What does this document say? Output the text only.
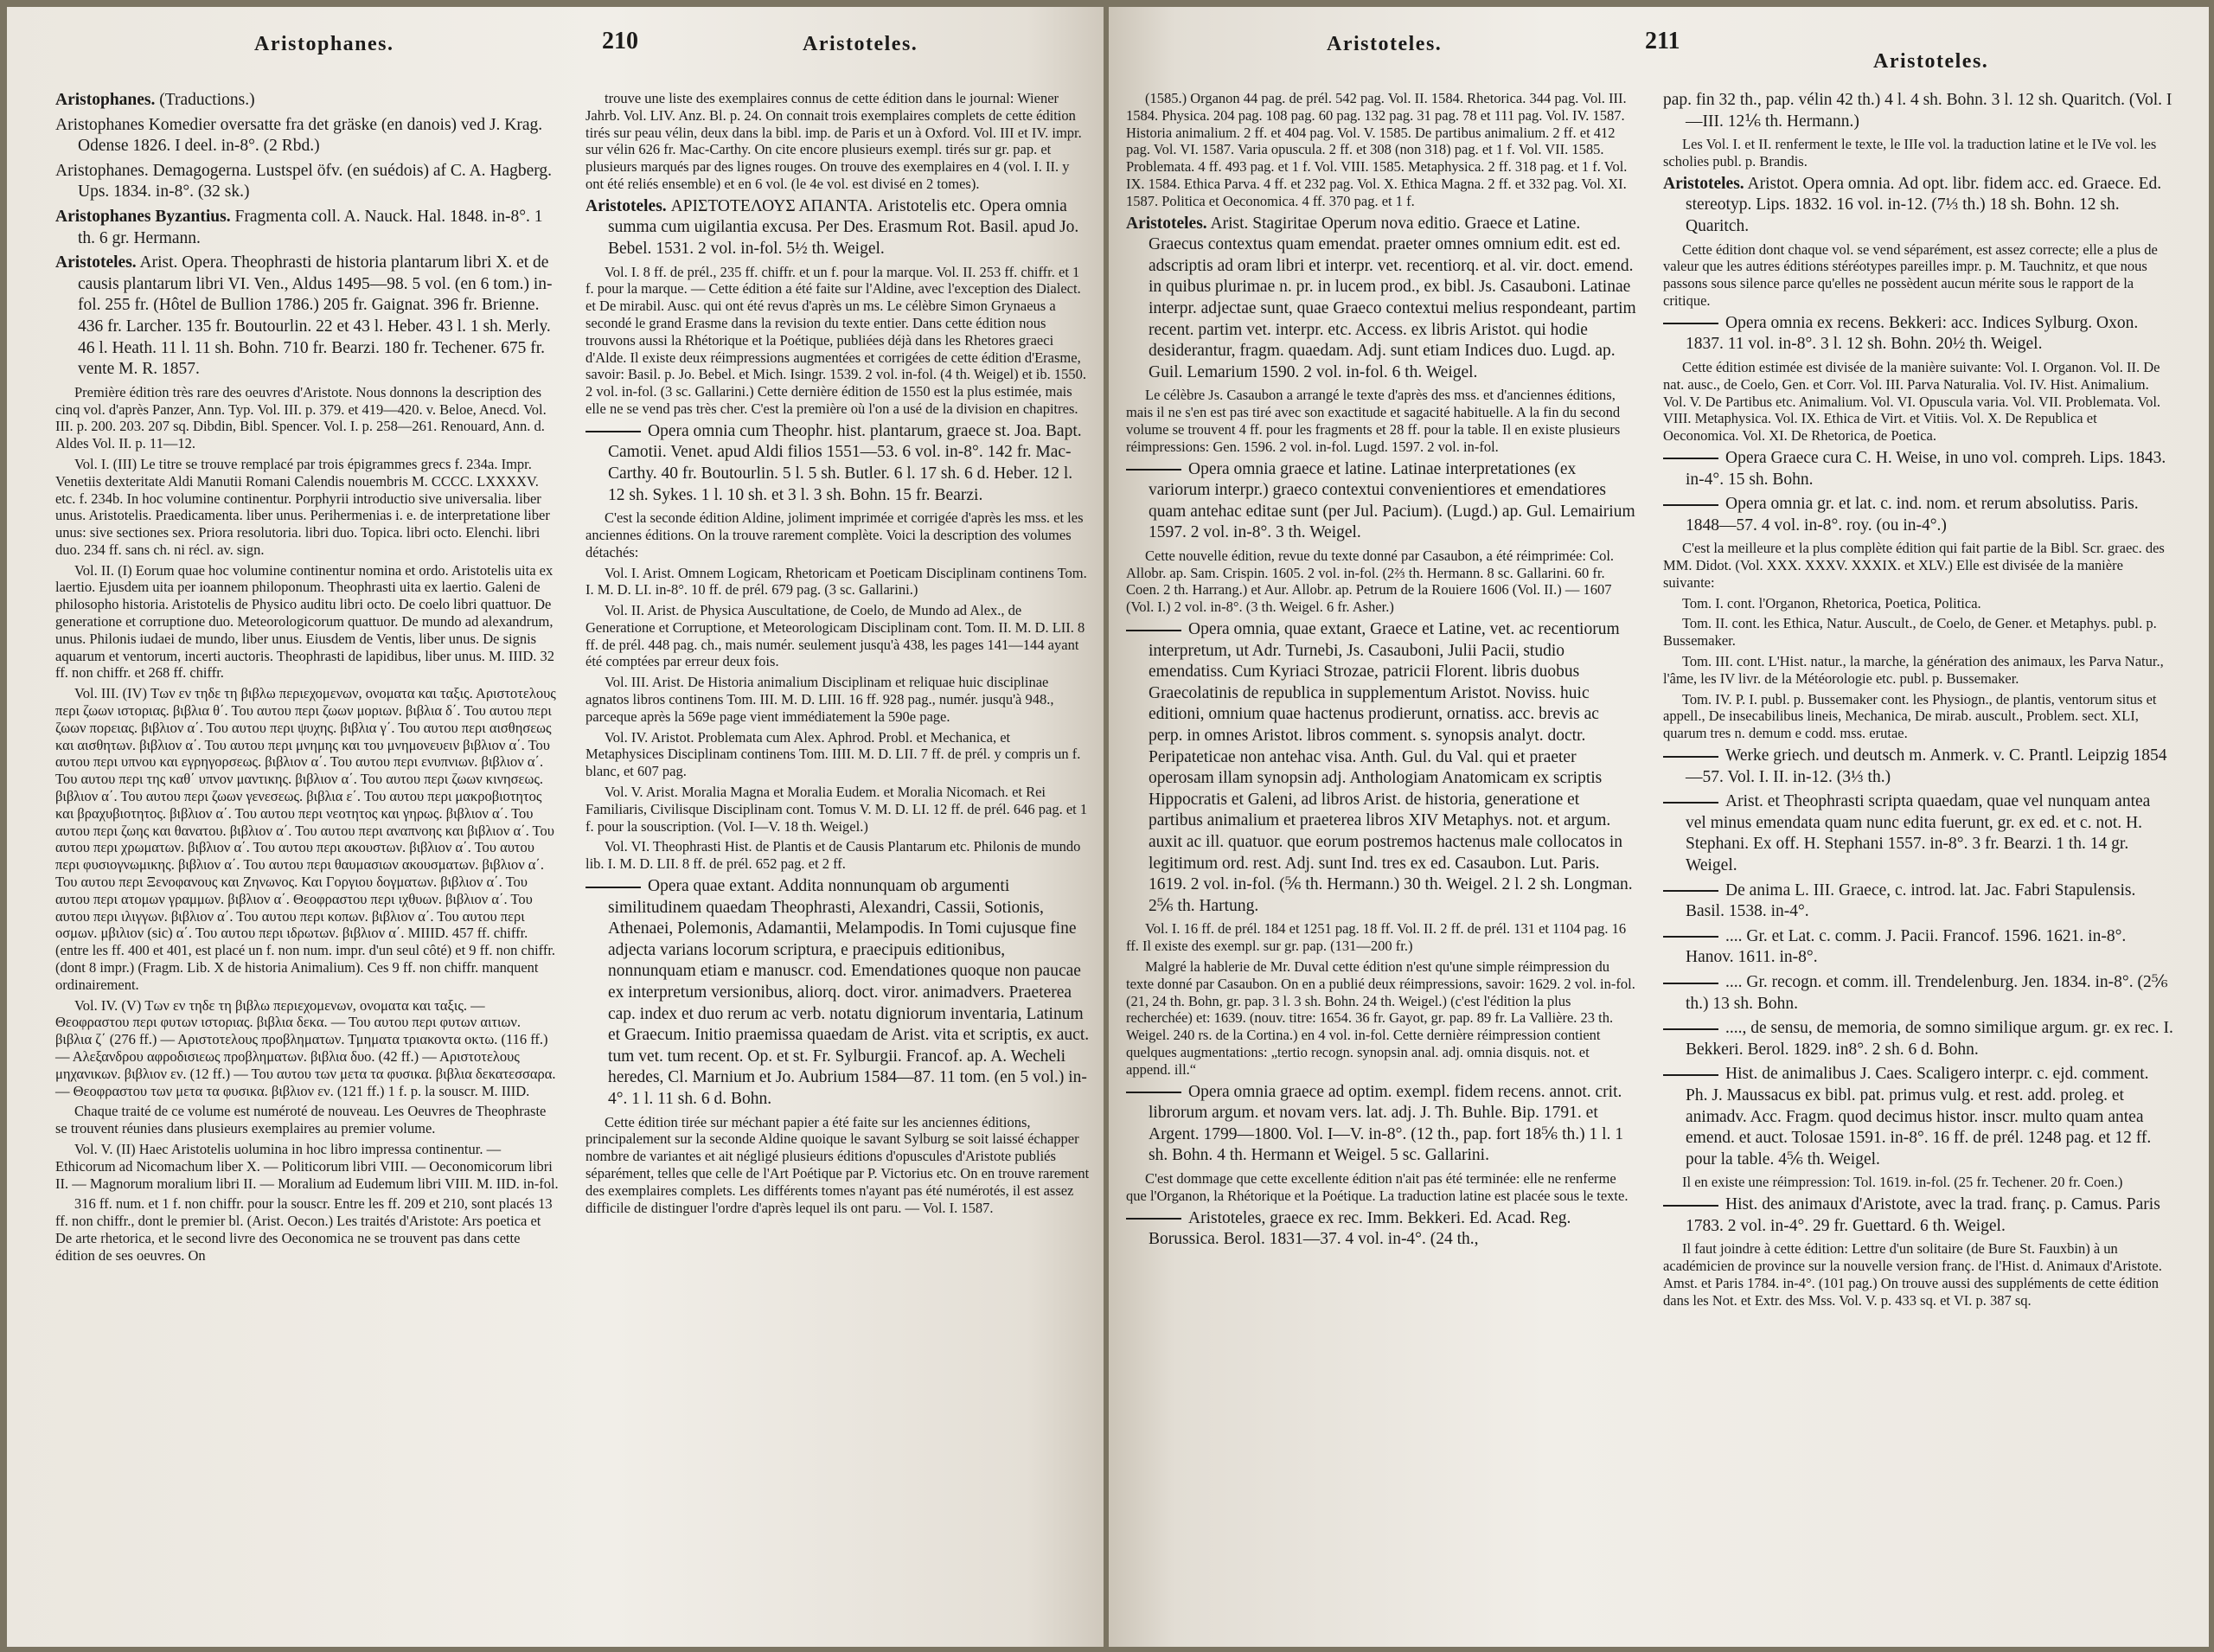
Aristophanes.	210	Aristoteles.

Aristophanes. (Traductions.)

Aristophanes Komedier oversatte fra det gräske (en danois) ved J. Krag. Odense 1826. I deel. in-8°. (2 Rbd.)

Aristophanes. Demagogerna. Lustspel öfv. (en suédois) af C. A. Hagberg. Ups. 1834. in-8°. (32 sk.)

Aristophanes Byzantius. Fragmenta coll. A. Nauck. Hal. 1848. in-8°. 1 th. 6 gr. Hermann.

Aristoteles. Arist. Opera. Theophrasti de historia plantarum libri X. et de causis plantarum libri VI. Ven., Aldus 1495—98. 5 vol. (en 6 tom.) in-fol. 255 fr. (Hôtel de Bullion 1786.) 205 fr. Gaignat. 396 fr. Brienne. 436 fr. Larcher. 135 fr. Boutourlin. 22 et 43 l. Heber. 43 l. 1 sh. Merly. 46 l. Heath. 11 l. 11 sh. Bohn. 710 fr. Bearzi. 180 fr. Techener. 675 fr. vente M. R. 1857.

Première édition très rare des oeuvres d'Aristote. Nous donnons la description des cinq vol. d'après Panzer, Ann. Typ. Vol. III. p. 379. et 419—420. v. Beloe, Anecd. Vol. III. p. 200. 203. 207 sq. Dibdin, Bibl. Spencer. Vol. I. p. 258—261. Renouard, Ann. d. Aldes Vol. II. p. 11—12.

Vol. I. (III) Le titre se trouve remplacé par trois épigrammes grecs f. 234a. Impr. Venetiis dexteritate Aldi Manutii Romani Calendis nouembris M. CCCC. LXXXXV. etc. f. 234b. In hoc volumine continentur. Porphyrii introductio sive universalia. liber unus. Aristotelis. Praedicamenta. liber unus. Perihermenias i. e. de interpretatione liber unus: sive sectiones sex. Priora resolutoria. libri duo. Topica. libri octo. Elenchi. libri duo. 234 ff. sans ch. ni récl. av. sign.

Vol. II. (I) Eorum quae hoc volumine continentur nomina et ordo. Aristotelis uita ex laertio. Ejusdem uita per ioannem philoponum. Theophrasti uita ex laertio. Galeni de philosopho historia. Aristotelis de Physico auditu libri octo. De coelo libri quattuor. De generatione et corruptione duo. Meteorologicorum quattuor. De mundo ad alexandrum, unus. Philonis iudaei de mundo, liber unus. Eiusdem de Ventis, liber unus. De signis aquarum et ventorum, incerti auctoris. Theophrasti de lapidibus, liber unus. M. IIID. 32 ff. non chiffr. et 268 ff. chiffr.

Vol. III. (IV) Των εν τηδε τη βιβλω περιεχομενων, ονοματα και ταξις. Αριστοτελους περι ζωων ιστοριας. βιβλια θ΄. Του αυτου περι ζωων μοριων. βιβλια δ΄. Του αυτου περι ζωων πορειας. βιβλιον α΄. Του αυτου περι ψυχης. βιβλια γ΄. Του αυτου περι αισθησεως και αισθητων. βιβλιον α΄. Του αυτου περι μνημης και του μνημονευειν βιβλιον α΄. Του αυτου περι υπνου και εγρηγορσεως. βιβλιον α΄. Του αυτου περι ενυπνιων. βιβλιον α΄. Του αυτου περι της καθ΄ υπνον μαντικης. βιβλιον α΄. Του αυτου περι ζωων κινησεως. βιβλιον α΄. Του αυτου περι ζωων γενεσεως. βιβλια ε΄. Του αυτου περι μακροβιοτητος και βραχυβιοτητος. βιβλιον α΄. Του αυτου περι νεοτητος και γηρως. βιβλιον α΄. Του αυτου περι ζωης και θανατου. βιβλιον α΄. Του αυτου περι αναπνοης και βιβλιον α΄. Του αυτου περι χρωματων. βιβλιον α΄. Του αυτου περι ακουστων. βιβλιον α΄. Του αυτου περι φυσιογνωμικης. βιβλιον α΄. Του αυτου περι θαυμασιων ακουσματων. βιβλιον α΄. Του αυτου περι Ξενοφανους και Ζηνωνος. Και Γοργιου δογματων. βιβλιον α΄. Του αυτου περι ατομων γραμμων. βιβλιον α΄. Θεοφραστου περι ιχθυων. βιβλιον α΄. Του αυτου περι ιλιγγων. βιβλιον α΄. Του αυτου περι κοπων. βιβλιον α΄. Του αυτου περι οσμων. μβιλιον (sic) α΄. Του αυτου περι ιδρωτων. βιβλιον α΄. MIIID. 457 ff. chiffr. (entre les ff. 400 et 401, est placé un f. non num. impr. d'un seul côté) et 9 ff. non chiffr. (dont 8 impr.) (Fragm. Lib. X de historia Animalium). Ces 9 ff. non chiffr. manquent ordinairement.

Vol. IV. (V) Των εν τηδε τη βιβλω περιεχομενων, ονοματα και ταξις. — Θεοφραστου περι φυτων ιστοριας. βιβλια δεκα. — Του αυτου περι φυτων αιτιων. βιβλια ζ΄ (276 ff.) — Αριστοτελους προβληματων. Τμηματα τριακοντα οκτω. (116 ff.) — Αλεξανδρου αφροδισιεως προβληματων. βιβλια δυο. (42 ff.) — Αριστοτελους μηχανικων. βιβλιον εν. (12 ff.) — Του αυτου των μετα τα φυσικα. βιβλια δεκατεσσαρα. — Θεοφραστου των μετα τα φυσικα. βιβλιον εν. (121 ff.) 1 f. p. la souscr. M. IIID.

Chaque traité de ce volume est numéroté de nouveau. Les Oeuvres de Theophraste se trouvent réunies dans plusieurs exemplaires au premier volume.

Vol. V. (II) Haec Aristotelis uolumina in hoc libro impressa continentur. — Ethicorum ad Nicomachum liber X. — Politicorum libri VIII. — Oeconomicorum libri II. — Magnorum moralium libri II. — Moralium ad Eudemum libri VIII. M. IID. in-fol.

316 ff. num. et 1 f. non chiffr. pour la souscr. Entre les ff. 209 et 210, sont placés 13 ff. non chiffr., dont le premier bl. (Arist. Oecon.) Les traités d'Aristote: Ars poetica et De arte rhetorica, et le second livre des Oeconomica ne se trouvent pas dans cette édition de ses oeuvres. On

trouve une liste des exemplaires connus de cette édition dans le journal: Wiener Jahrb. Vol. LIV. Anz. Bl. p. 24. On connait trois exemplaires complets de cette édition tirés sur peau vélin, deux dans la bibl. imp. de Paris et un à Oxford. Vol. III et IV. impr. sur vélin 626 fr. Mac-Carthy. On cite encore plusieurs exempl. tirés sur gr. pap. et plusieurs marqués par des lignes rouges. On trouve des exemplaires en 4 (vol. I. II. y ont été reliés ensemble) et en 6 vol. (le 4e vol. est divisé en 2 tomes).

Aristoteles. ΑΡΙΣΤΟΤΕΛΟΥΣ ΑΠΑΝΤΑ. Aristotelis etc. Opera omnia summa cum uigilantia excusa. Per Des. Erasmum Rot. Basil. apud Jo. Bebel. 1531. 2 vol. in-fol. 5½ th. Weigel.

Vol. I. 8 ff. de prél., 235 ff. chiffr. et un f. pour la marque. Vol. II. 253 ff. chiffr. et 1 f. pour la marque. — Cette édition a été faite sur l'Aldine, avec l'exception des Dialect. et De mirabil. Ausc. qui ont été revus d'après un ms. Le célèbre Simon Grynaeus a secondé le grand Erasme dans la revision du texte entier. Dans cette édition nous trouvons aussi la Rhétorique et la Poétique, publiées déjà dans les Rhetores graeci d'Alde. Il existe deux réimpressions augmentées et corrigées de cette édition d'Erasme, savoir: Basil. p. Jo. Bebel. et Mich. Isingr. 1539. 2 vol. in-fol. (4 th. Weigel) et ib. 1550. 2 vol. in-fol. (3 sc. Gallarini.) Cette dernière édition de 1550 est la plus estimée, mais elle ne se vend pas très cher. C'est la première où l'on a usé de la division en chapitres.

Opera omnia cum Theophr. hist. plantarum, graece st. Joa. Bapt. Camotii. Venet. apud Aldi filios 1551—53. 6 vol. in-8°. 142 fr. Mac-Carthy. 40 fr. Boutourlin. 5 l. 5 sh. Butler. 6 l. 17 sh. 6 d. Heber. 12 l. 12 sh. Sykes. 1 l. 10 sh. et 3 l. 3 sh. Bohn. 15 fr. Bearzi.

C'est la seconde édition Aldine, joliment imprimée et corrigée d'après les mss. et les anciennes éditions. On la trouve rarement complète. Voici la description des volumes détachés:

Vol. I. Arist. Omnem Logicam, Rhetoricam et Poeticam Disciplinam continens Tom. I. M. D. LI. in-8°. 10 ff. de prél. 679 pag. (3 sc. Gallarini.)

Vol. II. Arist. de Physica Auscultatione, de Coelo, de Mundo ad Alex., de Generatione et Corruptione, et Meteorologicam Disciplinam cont. Tom. II. M. D. LII. 8 ff. de prél. 448 pag. ch., mais numér. seulement jusqu'à 438, les pages 141—144 ayant été comptées par erreur deux fois.

Vol. III. Arist. De Historia animalium Disciplinam et reliquae huic disciplinae agnatos libros continens Tom. III. M. D. LIII. 16 ff. 928 pag., numér. jusqu'à 948., parceque après la 569e page vient immédiatement la 590e page.

Vol. IV. Aristot. Problemata cum Alex. Aphrod. Probl. et Mechanica, et Metaphysices Disciplinam continens Tom. IIII. M. D. LII. 7 ff. de prél. y compris un f. blanc, et 607 pag.

Vol. V. Arist. Moralia Magna et Moralia Eudem. et Moralia Nicomach. et Rei Familiaris, Civilisque Disciplinam cont. Tomus V. M. D. LI. 12 ff. de prél. 646 pag. et 1 f. pour la souscription. (Vol. I—V. 18 th. Weigel.)

Vol. VI. Theophrasti Hist. de Plantis et de Causis Plantarum etc. Philonis de mundo lib. I. M. D. LII. 8 ff. de prél. 652 pag. et 2 ff.

Opera quae extant. Addita nonnunquam ob argumenti similitudinem quaedam Theophrasti, Alexandri, Cassii, Sotionis, Athenaei, Polemonis, Adamantii, Melampodis. In Tomi cujusque fine adjecta varians locorum scriptura, e praecipuis editionibus, nonnunquam etiam e manuscr. cod. Emendationes quoque non paucae ex interpretum versionibus, aliorq. doct. viror. animadvers. Praeterea cap. index et duo rerum ac verb. notatu digniorum inventaria, Latinum et Graecum. Initio praemissa quaedam de Arist. vita et scriptis, ex auct. tum vet. tum recent. Op. et st. Fr. Sylburgii. Francof. ap. A. Wecheli heredes, Cl. Marnium et Jo. Aubrium 1584—87. 11 tom. (en 5 vol.) in-4°. 1 l. 11 sh. 6 d. Bohn.

Cette édition tirée sur méchant papier a été faite sur les anciennes éditions, principalement sur la seconde Aldine quoique le savant Sylburg se soit laissé échapper nombre de variantes et ait négligé plusieurs éditions d'opuscules d'Aristote publiés séparément, telles que celle de l'Art Poétique par P. Victorius etc. On en trouve rarement des exemplaires complets. Les différents tomes n'ayant pas été numérotés, il est assez difficile de distinguer l'ordre d'après lequel ils ont paru. — Vol. I. 1587.

Aristoteles.	211
Aristoteles.

(1585.) Organon 44 pag. de prél. 542 pag. Vol. II. 1584. Rhetorica. 344 pag. Vol. III. 1584. Physica. 204 pag. 108 pag. 60 pag. 132 pag. 31 pag. 78 et 111 pag. Vol. IV. 1587. Historia animalium. 2 ff. et 404 pag. Vol. V. 1585. De partibus animalium. 2 ff. et 412 pag. Vol. VI. 1587. Varia opuscula. 2 ff. et 308 (non 318) pag. et 1 f. Vol. VII. 1585. Problemata. 4 ff. 493 pag. et 1 f. Vol. VIII. 1585. Metaphysica. 2 ff. 318 pag. et 1 f. Vol. IX. 1584. Ethica Parva. 4 ff. et 232 pag. Vol. X. Ethica Magna. 2 ff. et 332 pag. Vol. XI. 1587. Politica et Oeconomica. 4 ff. 370 pag. et 1 f.

Aristoteles. Arist. Stagiritae Operum nova editio. Graece et Latine. Graecus contextus quam emendat. praeter omnes omnium edit. est ed. adscriptis ad oram libri et interpr. vet. recentiorq. et al. vir. doct. emend. in quibus plurimae n. pr. in lucem prod., ex bibl. Js. Casauboni. Latinae interpr. adjectae sunt, quae Graeco contextui melius respondeant, partim recent. partim vet. interpr. etc. Access. ex libris Aristot. qui hodie desiderantur, fragm. quaedam. Adj. sunt etiam Indices duo. Lugd. ap. Guil. Lemarium 1590. 2 vol. in-fol. 6 th. Weigel.

Le célèbre Js. Casaubon a arrangé le texte d'après des mss. et d'anciennes éditions, mais il ne s'en est pas tiré avec son exactitude et sagacité habituelle. A la fin du second volume se trouvent 4 ff. pour les fragments et 28 ff. pour la table. Il en existe plusieurs réimpressions: Gen. 1596. 2 vol. in-fol. Lugd. 1597. 2 vol. in-fol.

Opera omnia graece et latine. Latinae interpretationes (ex variorum interpr.) graeco contextui convenientiores et emendatiores quam antehac editae sunt (per Jul. Pacium). (Lugd.) ap. Gul. Lemairium 1597. 2 vol. in-8°. 3 th. Weigel.

Cette nouvelle édition, revue du texte donné par Casaubon, a été réimprimée: Col. Allobr. ap. Sam. Crispin. 1605. 2 vol. in-fol. (2⅔ th. Hermann. 8 sc. Gallarini. 60 fr. Coen. 2 th. Harrang.) et Aur. Allobr. ap. Petrum de la Rouiere 1606 (Vol. II.) — 1607 (Vol. I.) 2 vol. in-8°. (3 th. Weigel. 6 fr. Asher.)

Opera omnia, quae extant, Graece et Latine, vet. ac recentiorum interpretum, ut Adr. Turnebi, Js. Casauboni, Julii Pacii, studio emendatiss. Cum Kyriaci Strozae, patricii Florent. libris duobus Graecolatinis de republica in supplementum Aristot. Noviss. huic editioni, omnium quae hactenus prodierunt, ornatiss. acc. brevis ac perp. in omnes Aristot. libros comment. s. synopsis analyt. doctr. Peripateticae non antehac visa. Anth. Gul. du Val. qui et praeter operosam illam synopsin adj. Anthologiam Anatomicam ex scriptis Hippocratis et Galeni, ad libros Arist. de historia, generatione et partibus animalium et praeterea libros XIV Metaphys. not. et argum. auxit ac ill. quatuor. que eorum postremos hactenus male collocatos in legitimum ord. rest. Adj. sunt Ind. tres ex ed. Casaubon. Lut. Paris. 1619. 2 vol. in-fol. (⅚ th. Hermann.) 30 th. Weigel. 2 l. 2 sh. Longman. 2⅚ th. Hartung.

Vol. I. 16 ff. de prél. 184 et 1251 pag. 18 ff. Vol. II. 2 ff. de prél. 131 et 1104 pag. 16 ff. Il existe des exempl. sur gr. pap. (131—200 fr.)

Malgré la hablerie de Mr. Duval cette édition n'est qu'une simple réimpression du texte donné par Casaubon. On en a publié deux réimpressions, savoir: 1629. 2 vol. in-fol. (21, 24 th. Bohn, gr. pap. 3 l. 3 sh. Bohn. 24 th. Weigel.) (c'est l'édition la plus recherchée) et: 1639. (nouv. titre: 1654. 36 fr. Gayot, gr. pap. 89 fr. La Vallière. 23 th. Weigel. 240 rs. de la Cortina.) en 4 vol. in-fol. Cette dernière réimpression contient quelques augmentations: „tertio recogn. synopsin anal. adj. omnia disquis. not. et append. ill.“

Opera omnia graece ad optim. exempl. fidem recens. annot. crit. librorum argum. et novam vers. lat. adj. J. Th. Buhle. Bip. 1791. et Argent. 1799—1800. Vol. I—V. in-8°. (12 th., pap. fort 18⅚ th.) 1 l. 1 sh. Bohn. 4 th. Hermann et Weigel. 5 sc. Gallarini.

C'est dommage que cette excellente édition n'ait pas été terminée: elle ne renferme que l'Organon, la Rhétorique et la Poétique. La traduction latine est placée sous le texte.

Aristoteles, graece ex rec. Imm. Bekkeri. Ed. Acad. Reg. Borussica. Berol. 1831—37. 4 vol. in-4°. (24 th.,

pap. fin 32 th., pap. vélin 42 th.) 4 l. 4 sh. Bohn. 3 l. 12 sh. Quaritch. (Vol. I—III. 12⅙ th. Hermann.)

Les Vol. I. et II. renferment le texte, le IIIe vol. la traduction latine et le IVe vol. les scholies publ. p. Brandis.

Aristoteles. Aristot. Opera omnia. Ad opt. libr. fidem acc. ed. Graece. Ed. stereotyp. Lips. 1832. 16 vol. in-12. (7⅓ th.) 18 sh. Bohn. 12 sh. Quaritch.

Cette édition dont chaque vol. se vend séparément, est assez correcte; elle a plus de valeur que les autres éditions stéréotypes pareilles impr. p. M. Tauchnitz, et que nous passons sous silence parce qu'elles ne possèdent aucun mérite sous le rapport de la critique.

Opera omnia ex recens. Bekkeri: acc. Indices Sylburg. Oxon. 1837. 11 vol. in-8°. 3 l. 12 sh. Bohn. 20½ th. Weigel.

Cette édition estimée est divisée de la manière suivante: Vol. I. Organon. Vol. II. De nat. ausc., de Coelo, Gen. et Corr. Vol. III. Parva Naturalia. Vol. IV. Hist. Animalium. Vol. V. De Partibus etc. Animalium. Vol. VI. Opuscula varia. Vol. VII. Problemata. Vol. VIII. Metaphysica. Vol. IX. Ethica de Virt. et Vitiis. Vol. X. De Republica et Oeconomica. Vol. XI. De Rhetorica, de Poetica.

Opera Graece cura C. H. Weise, in uno vol. compreh. Lips. 1843. in-4°. 15 sh. Bohn.

Opera omnia gr. et lat. c. ind. nom. et rerum absolutiss. Paris. 1848—57. 4 vol. in-8°. roy. (ou in-4°.)

C'est la meilleure et la plus complète édition qui fait partie de la Bibl. Scr. graec. des MM. Didot. (Vol. XXX. XXXV. XXXIX. et XLV.) Elle est divisée de la manière suivante:

Tom. I. cont. l'Organon, Rhetorica, Poetica, Politica.

Tom. II. cont. les Ethica, Natur. Auscult., de Coelo, de Gener. et Metaphys. publ. p. Bussemaker.

Tom. III. cont. L'Hist. natur., la marche, la génération des animaux, les Parva Natur., l'âme, les IV livr. de la Météorologie etc. publ. p. Bussemaker.

Tom. IV. P. I. publ. p. Bussemaker cont. les Physiogn., de plantis, ventorum situs et appell., De insecabilibus lineis, Mechanica, De mirab. auscult., Problem. sect. XLI, quarum tres n. demum e codd. mss. erutae.

Werke griech. und deutsch m. Anmerk. v. C. Prantl. Leipzig 1854—57. Vol. I. II. in-12. (3⅓ th.)

Arist. et Theophrasti scripta quaedam, quae vel nunquam antea vel minus emendata quam nunc edita fuerunt, gr. ex ed. et c. not. H. Stephani. Ex off. H. Stephani 1557. in-8°. 3 fr. Bearzi. 1 th. 14 gr. Weigel.

De anima L. III. Graece, c. introd. lat. Jac. Fabri Stapulensis. Basil. 1538. in-4°.

.... Gr. et Lat. c. comm. J. Pacii. Francof. 1596. 1621. in-8°. Hanov. 1611. in-8°.

.... Gr. recogn. et comm. ill. Trendelenburg. Jen. 1834. in-8°. (2⅚ th.) 13 sh. Bohn.

...., de sensu, de memoria, de somno similique argum. gr. ex rec. I. Bekkeri. Berol. 1829. in8°. 2 sh. 6 d. Bohn.

Hist. de animalibus J. Caes. Scaligero interpr. c. ejd. comment. Ph. J. Maussacus ex bibl. pat. primus vulg. et rest. add. proleg. et animadv. Acc. Fragm. quod decimus histor. inscr. multo quam antea emend. et auct. Tolosae 1591. in-8°. 16 ff. de prél. 1248 pag. et 12 ff. pour la table. 4⅚ th. Weigel.

Il en existe une réimpression: Tol. 1619. in-fol. (25 fr. Techener. 20 fr. Coen.)

Hist. des animaux d'Aristote, avec la trad. franç. p. Camus. Paris 1783. 2 vol. in-4°. 29 fr. Guettard. 6 th. Weigel.

Il faut joindre à cette édition: Lettre d'un solitaire (de Bure St. Fauxbin) à un académicien de province sur la nouvelle version franç. de l'Hist. d. Animaux d'Aristote. Amst. et Paris 1784. in-4°. (101 pag.) On trouve aussi des suppléments de cette édition dans les Not. et Extr. des Mss. Vol. V. p. 433 sq. et VI. p. 387 sq.
